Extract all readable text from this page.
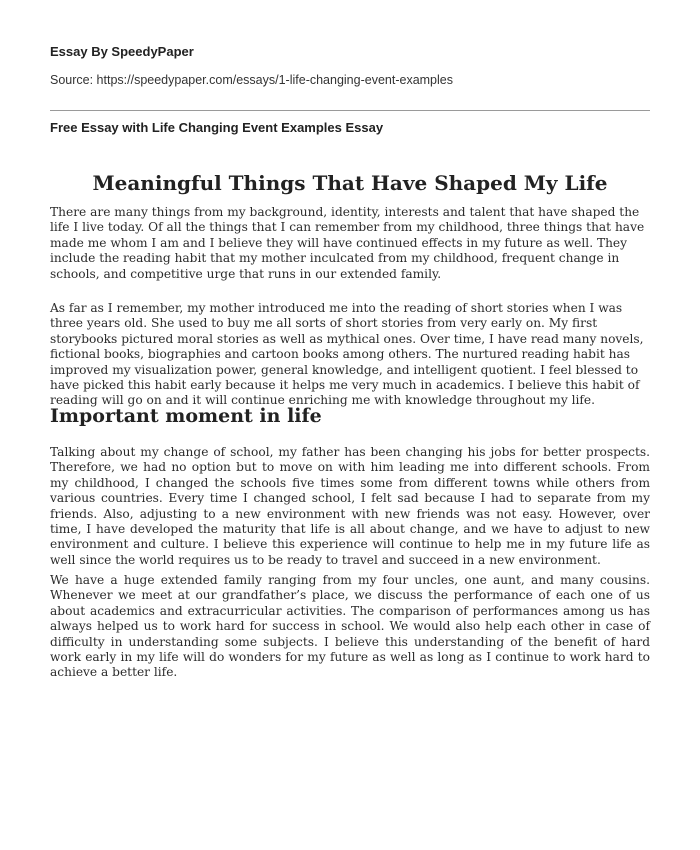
Essay By SpeedyPaper
Source: https://speedypaper.com/essays/1-life-changing-event-examples
Free Essay with Life Changing Event Examples Essay
Meaningful Things That Have Shaped My Life

There are many things from my background, identity, interests and talent that have shaped the life I live today. Of all the things that I can remember from my childhood, three things that have made me whom I am and I believe they will have continued effects in my future as well. They include the reading habit that my mother inculcated from my childhood, frequent change in schools, and competitive urge that runs in our extended family.

As far as I remember, my mother introduced me into the reading of short stories when I was three years old. She used to buy me all sorts of short stories from very early on. My first storybooks pictured moral stories as well as mythical ones. Over time, I have read many novels, fictional books, biographies and cartoon books among others. The nurtured reading habit has improved my visualization power, general knowledge, and intelligent quotient. I feel blessed to have picked this habit early because it helps me very much in academics. I believe this habit of reading will go on and it will continue enriching me with knowledge throughout my life.

Important moment in life

Talking about my change of school, my father has been changing his jobs for better prospects. Therefore, we had no option but to move on with him leading me into different schools. From my childhood, I changed the schools five times some from different towns while others from various countries. Every time I changed school, I felt sad because I had to separate from my friends. Also, adjusting to a new environment with new friends was not easy. However, over time, I have developed the maturity that life is all about change, and we have to adjust to new environment and culture. I believe this experience will continue to help me in my future life as well since the world requires us to be ready to travel and succeed in a new environment.

We have a huge extended family ranging from my four uncles, one aunt, and many cousins. Whenever we meet at our grandfather’s place, we discuss the performance of each one of us about academics and extracurricular activities. The comparison of performances among us has always helped us to work hard for success in school. We would also help each other in case of difficulty in understanding some subjects. I believe this understanding of the benefit of hard work early in my life will do wonders for my future as well as long as I continue to work hard to achieve a better life.
